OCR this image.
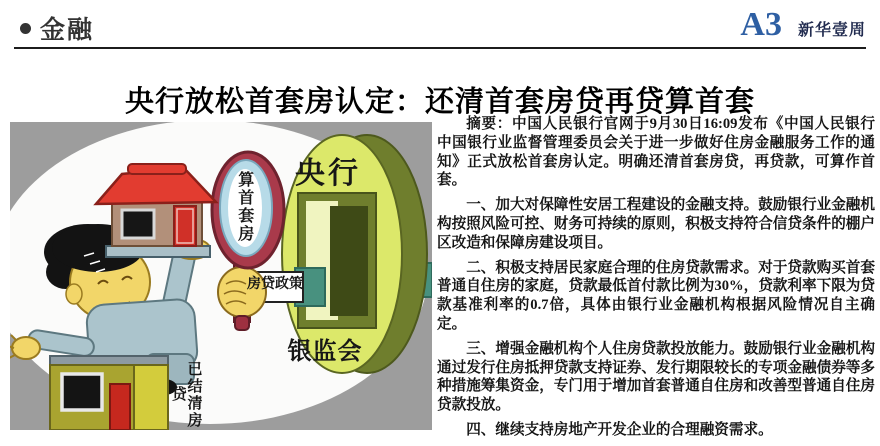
金融	A3 新华壹周
央行放松首套房认定：还清首套房贷再贷算首套
央行
银监会
房贷政策
算首套房
已结清房贷

摘要：中国人民银行官网于9月30日16:09发布《中国人民银行 中国银行业监督管理委员会关于进一步做好住房金融服务工作的通知》正式放松首套房认定。明确还清首套房贷，再贷款，可算作首套。

一、加大对保障性安居工程建设的金融支持。鼓励银行业金融机构按照风险可控、财务可持续的原则，积极支持符合信贷条件的棚户区改造和保障房建设项目。

二、积极支持居民家庭合理的住房贷款需求。对于贷款购买首套普通自住房的家庭，贷款最低首付款比例为30%，贷款利率下限为贷款基准利率的0.7倍，具体由银行业金融机构根据风险情况自主确定。

三、增强金融机构个人住房贷款投放能力。鼓励银行业金融机构通过发行住房抵押贷款支持证券、发行期限较长的专项金融债券等多种措施筹集资金，专门用于增加首套普通自住房和改善型普通自住房贷款投放。

四、继续支持房地产开发企业的合理融资需求。
